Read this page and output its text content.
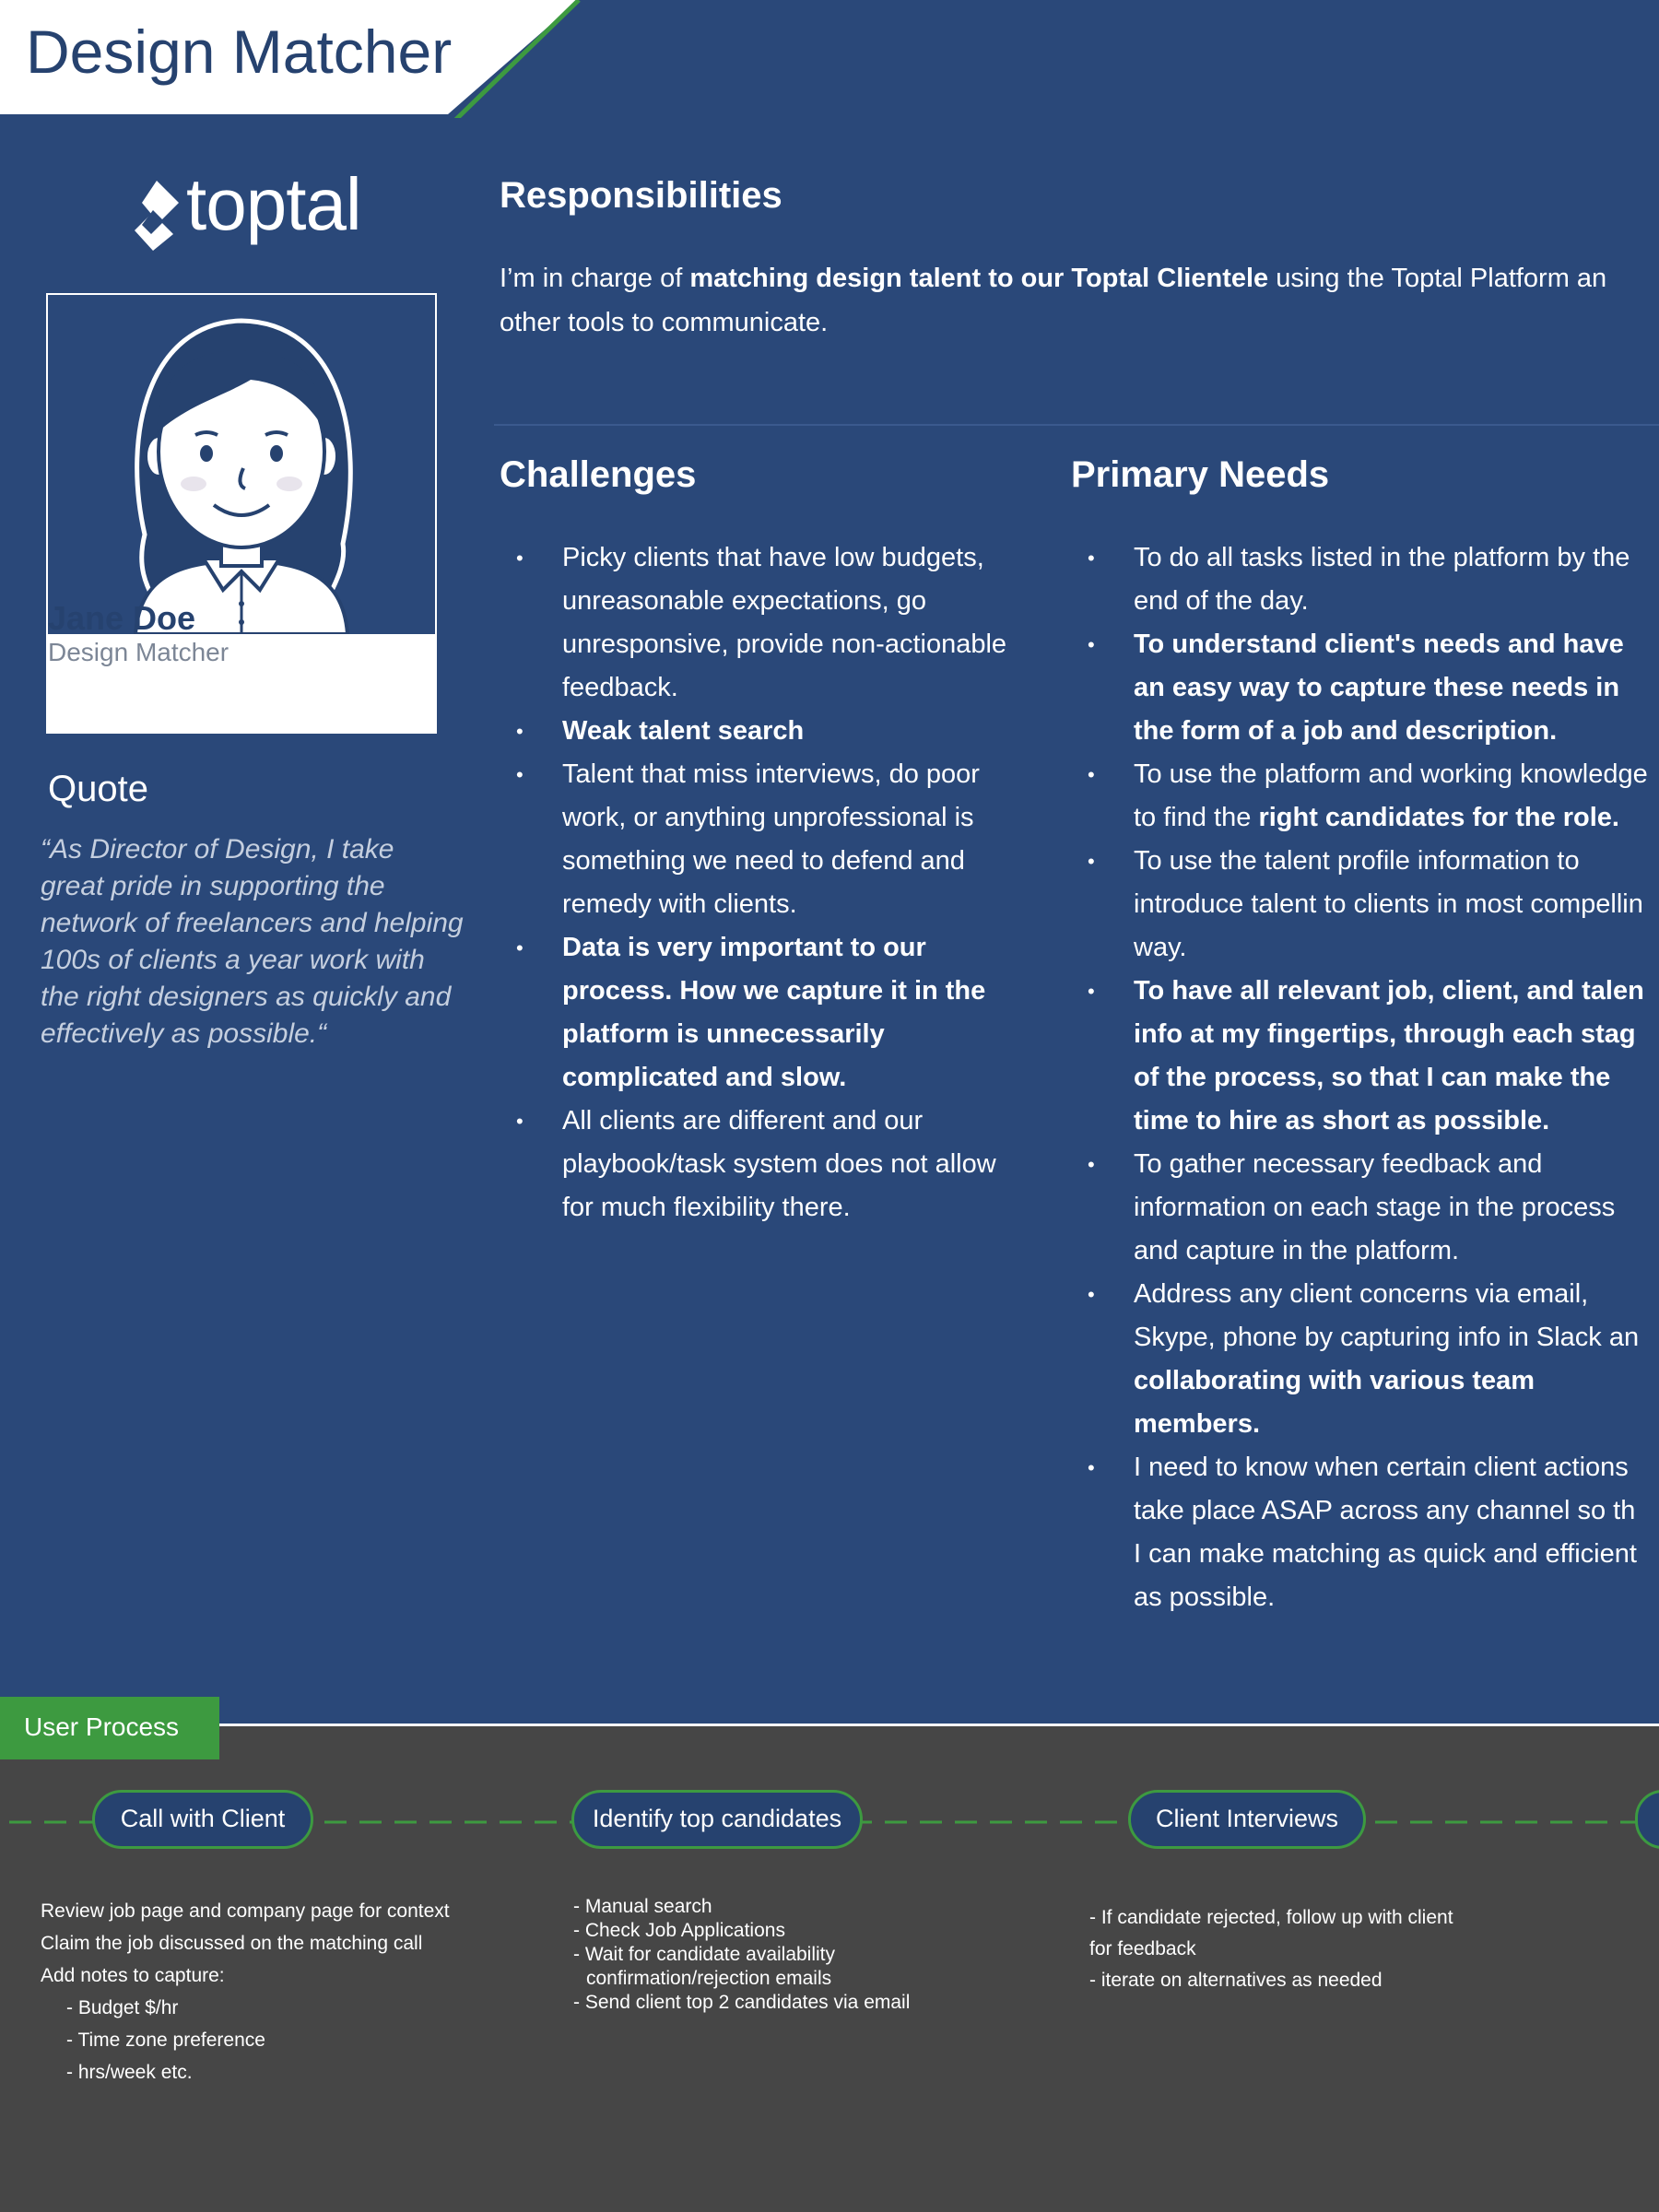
Design Matcher
toptal
Jane Doe
Design Matcher
Quote

“As Director of Design, I take great pride in supporting the network of freelancers and helping 100s of clients a year work with the right designers as quickly and effectively as possible.“

Responsibilities

I’m in charge of matching design talent to our Toptal Clientele using the Toptal Platform an
other tools to communicate.

Challenges
• Picky clients that have low budgets,
unreasonable expectations, go
unresponsive, provide non-actionable
feedback.
• Weak talent search
• Talent that miss interviews, do poor
work, or anything unprofessional is
something we need to defend and
remedy with clients.
• Data is very important to our
process. How we capture it in the
platform is unnecessarily
complicated and slow.
• All clients are different and our
playbook/task system does not allow
for much flexibility there.
Primary Needs
• To do all tasks listed in the platform by the
end of the day.
• To understand client's needs and have
an easy way to capture these needs in
the form of a job and description.
• To use the platform and working knowledge
to find the right candidates for the role.
• To use the talent profile information to
introduce talent to clients in most compellin
way.
• To have all relevant job, client, and talen
info at my fingertips, through each stag
of the process, so that I can make the
time to hire as short as possible.
• To gather necessary feedback and
information on each stage in the process
and capture in the platform.
• Address any client concerns via email,
Skype, phone by capturing info in Slack an
collaborating with various team
members.
• I need to know when certain client actions
take place ASAP across any channel so th
I can make matching as quick and efficient
as possible.
User Process
Call with Client	Identify top candidates	Client Interviews
Review job page and company page for context
Claim the job discussed on the matching call
Add notes to capture:
- Budget $/hr
- Time zone preference
- hrs/week etc.
- Manual search
- Check Job Applications
- Wait for candidate availability
confirmation/rejection emails
- Send client top 2 candidates via email
- If candidate rejected, follow up with client
for feedback
- iterate on alternatives as needed
